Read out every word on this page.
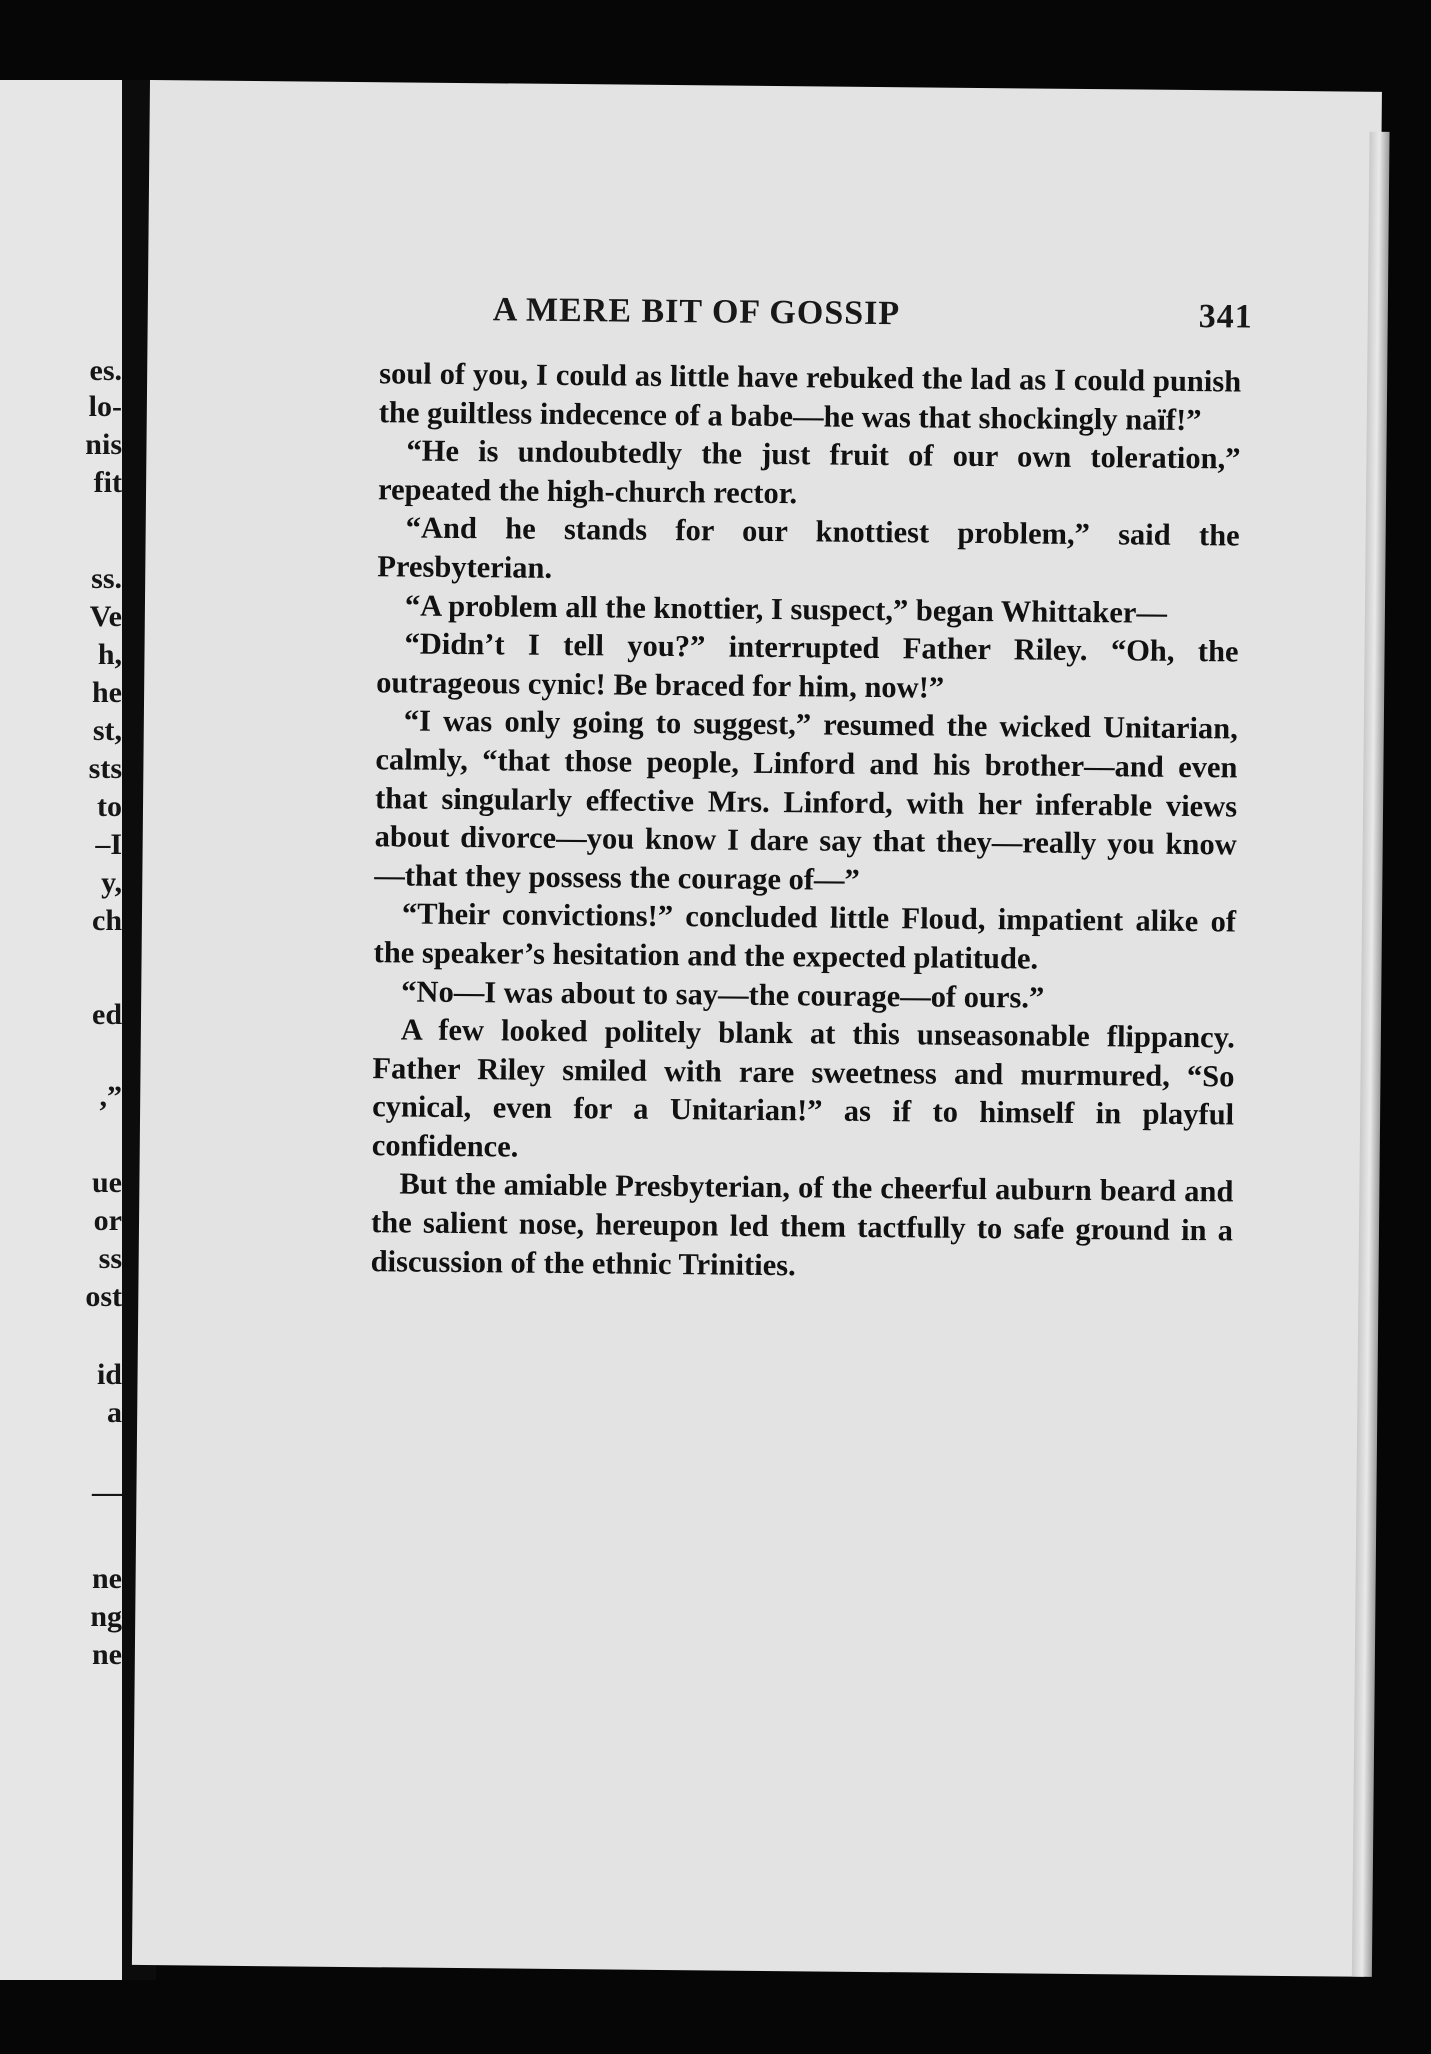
es.
lo-
nis
fit
ss.
Ve
h,
he
st,
sts
to
–I
y,
ch
ed
,”
ue
or
ss
ost
id
a
—
ne
ng
ne
A MERE BIT OF GOSSIP	341

soul of you, I could as little have rebuked the lad as I could punish the guiltless indecence of a babe—he was that shockingly naïf!”

“He is undoubtedly the just fruit of our own toleration,” repeated the high-church rector.

“And he stands for our knottiest problem,” said the Presbyterian.

“A problem all the knottier, I suspect,” began Whittaker—

“Didn’t I tell you?” interrupted Father Riley. “Oh, the outrageous cynic! Be braced for him, now!”

“I was only going to suggest,” resumed the wicked Unitarian, calmly, “that those people, Linford and his brother—and even that singularly effective Mrs. Linford, with her inferable views about divorce—you know I dare say that they—really you know—that they possess the courage of—”

“Their convictions!” concluded little Floud, impatient alike of the speaker’s hesitation and the expected platitude.

“No—I was about to say—the courage—of ours.”

A few looked politely blank at this unseasonable flippancy. Father Riley smiled with rare sweetness and murmured, “So cynical, even for a Unitarian!” as if to himself in playful confidence.

But the amiable Presbyterian, of the cheerful auburn beard and the salient nose, hereupon led them tactfully to safe ground in a discussion of the ethnic Trinities.
